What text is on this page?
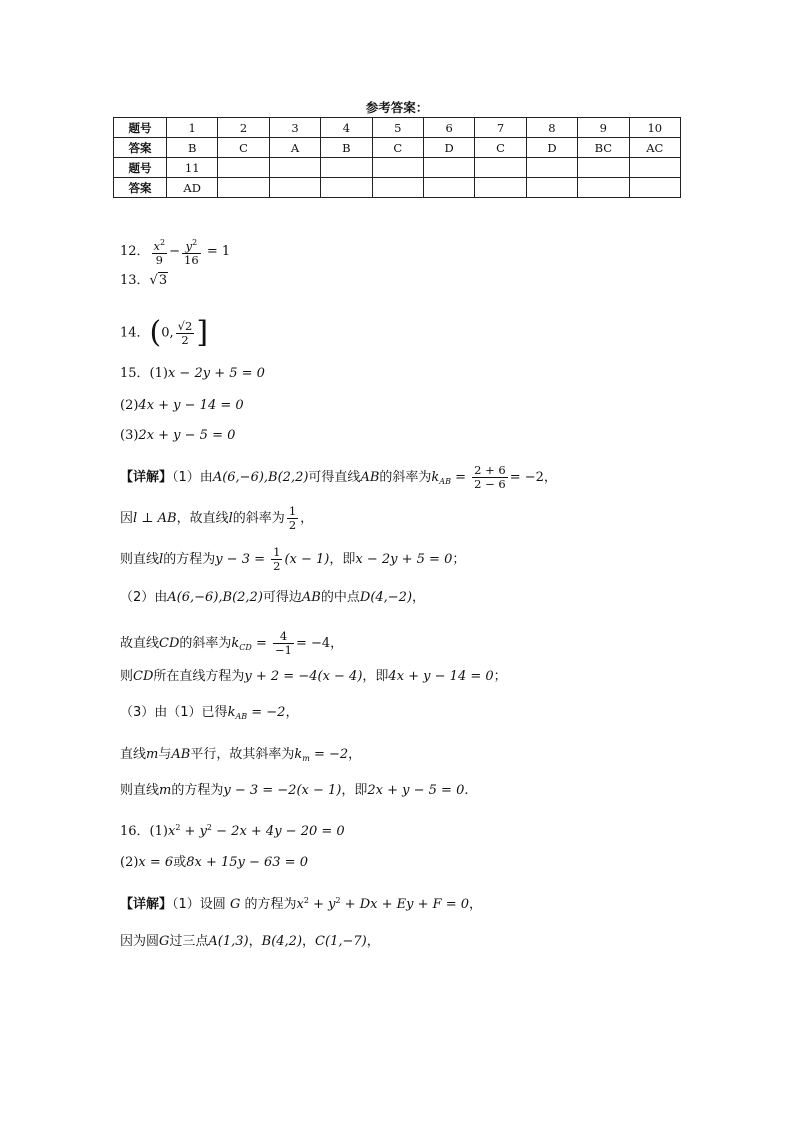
参考答案：
题号	1	2	3	4	5	6	7	8	9	10
答案	B	C	A	B	C	D	C	D	BC	AC
题号	11									
答案	AD									
12． $\frac{x^2}{9} - \frac{y^2}{16} = 1$
13．√3
14．(0, $\frac{√2}{2}$ ]
15．(1)x − 2y + 5 = 0
(2)4x + y − 14 = 0
(3)2x + y − 5 = 0
【详解】（1）由A(6,−6),B(2,2)可得直线AB的斜率为$k_{AB} = \frac{2 + 6}{2 - 6} = -2$，
因l ⊥ AB，故直线l的斜率为 $\frac{1}{2}$ ，
则直线l的方程为$y - 3 = \frac{1}{2} (x - 1)$，即x − 2y + 5 = 0；
（2）由A(6,−6),B(2,2)可得边AB的中点D(4,−2)，
故直线CD的斜率为$k_{CD} = \frac{4}{-1} = -4$，
则CD所在直线方程为y + 2 = −4(x − 4)，即4x + y − 14 = 0；
（3）由（1）已得$k_{AB} = -2$，
直线m与AB平行，故其斜率为$k_m = -2$，
则直线m的方程为y − 3 = −2(x − 1)，即2x + y − 5 = 0.
16．$(1)x^2 + y^2 - 2x + 4y - 20 = 0$
(2)x = 6或8x + 15y − 63 = 0
【详解】（1）设圆 G 的方程为$x^2 + y^2 + Dx + Ey + F = 0$，
因为圆G过三点A(1,3)，B(4,2)，C(1,−7)，
